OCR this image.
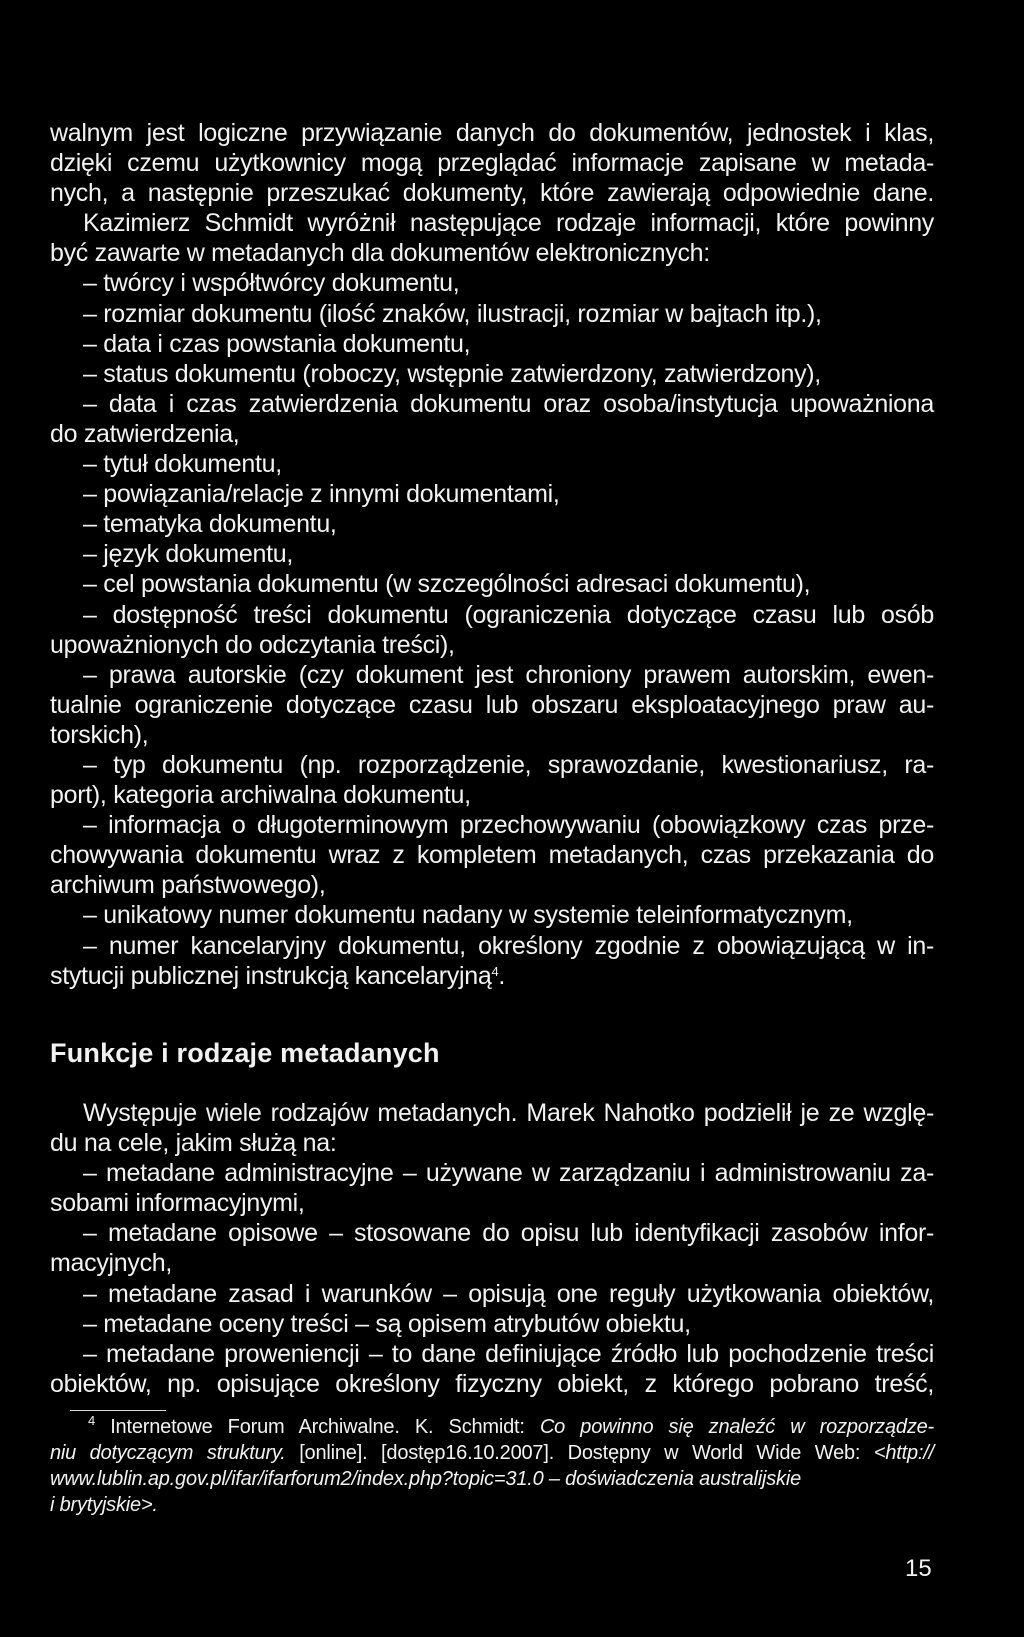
walnym jest logiczne przywiązanie danych do dokumentów, jednostek i klas,
dzięki czemu użytkownicy mogą przeglądać informacje zapisane w metada-
nych, a następnie przeszukać dokumenty, które zawierają odpowiednie dane.
Kazimierz Schmidt wyróżnił następujące rodzaje informacji, które powinny
być zawarte w metadanych dla dokumentów elektronicznych:
– twórcy i współtwórcy dokumentu,
– rozmiar dokumentu (ilość znaków, ilustracji, rozmiar w bajtach itp.),
– data i czas powstania dokumentu,
– status dokumentu (roboczy, wstępnie zatwierdzony, zatwierdzony),
– data i czas zatwierdzenia dokumentu oraz osoba/instytucja upoważniona
do zatwierdzenia,
– tytuł dokumentu,
– powiązania/relacje z innymi dokumentami,
– tematyka dokumentu,
– język dokumentu,
– cel powstania dokumentu (w szczególności adresaci dokumentu),
– dostępność treści dokumentu (ograniczenia dotyczące czasu lub osób
upoważnionych do odczytania treści),
– prawa autorskie (czy dokument jest chroniony prawem autorskim, ewen-
tualnie ograniczenie dotyczące czasu lub obszaru eksploatacyjnego praw au-
torskich),
– typ dokumentu (np. rozporządzenie, sprawozdanie, kwestionariusz, ra-
port), kategoria archiwalna dokumentu,
– informacja o długoterminowym przechowywaniu (obowiązkowy czas prze-
chowywania dokumentu wraz z kompletem metadanych, czas przekazania do
archiwum państwowego),
– unikatowy numer dokumentu nadany w systemie teleinformatycznym,
– numer kancelaryjny dokumentu, określony zgodnie z obowiązującą w in-
stytucji publicznej instrukcją kancelaryjną$^4$.
Funkcje i rodzaje metadanych
Występuje wiele rodzajów metadanych. Marek Nahotko podzielił je ze wzglę-
du na cele, jakim służą na:
– metadane administracyjne – używane w zarządzaniu i administrowaniu za-
sobami informacyjnymi,
– metadane opisowe – stosowane do opisu lub identyfikacji zasobów infor-
macyjnych,
– metadane zasad i warunków – opisują one reguły użytkowania obiektów,
– metadane oceny treści – są opisem atrybutów obiektu,
– metadane proweniencji – to dane definiujące źródło lub pochodzenie treści
obiektów, np. opisujące określony fizyczny obiekt, z którego pobrano treść,
$^4$ Internetowe Forum Archiwalne. K. Schmidt: Co powinno się znaleźć w rozporządze-
niu dotyczącym struktury. [online]. [dostęp16.10.2007]. Dostępny w World Wide Web: <http://
www.lublin.ap.gov.pl/ifar/ifarforum2/index.php?topic=31.0 – doświadczenia australijskie
i brytyjskie>.
15
